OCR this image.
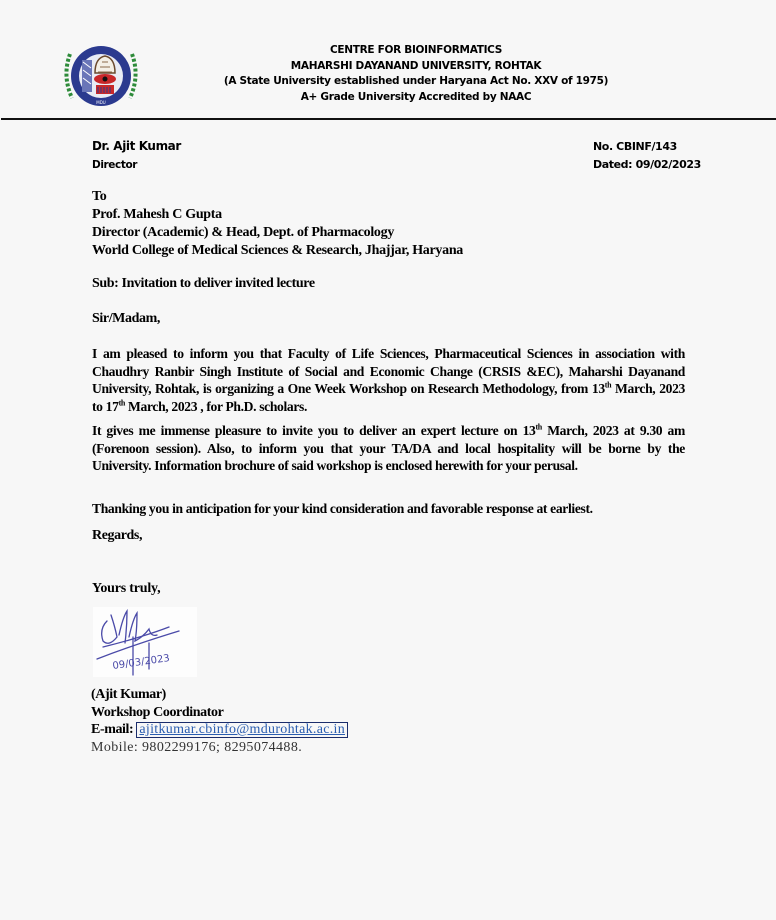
MDU
CENTRE FOR BIOINFORMATICS
MAHARSHI DAYANAND UNIVERSITY, ROHTAK
(A State University established under Haryana Act No. XXV of 1975)
A+ Grade University Accredited by NAAC
Dr. Ajit Kumar
Director
No. CBINF/143
Dated: 09/02/2023
To
Prof. Mahesh C Gupta
Director (Academic) & Head, Dept. of Pharmacology
World College of Medical Sciences & Research, Jhajjar, Haryana
Sub: Invitation to deliver invited lecture
Sir/Madam,
I am pleased to inform you that Faculty of Life Sciences, Pharmaceutical Sciences in association with Chaudhry Ranbir Singh Institute of Social and Economic Change (CRSIS &EC), Maharshi Dayanand University, Rohtak, is organizing a One Week Workshop on Research Methodology, from 13th March, 2023 to 17th March, 2023 , for Ph.D. scholars.
It gives me immense pleasure to invite you to deliver an expert lecture on 13th March, 2023 at 9.30 am (Forenoon session). Also, to inform you that your TA/DA and local hospitality will be borne by the University. Information brochure of said workshop is enclosed herewith for your perusal.
Thanking you in anticipation for your kind consideration and favorable response at earliest.
Regards,
Yours truly,
09/03/2023
(Ajit Kumar)
Workshop Coordinator
E-mail: ajitkumar.cbinfo@mdurohtak.ac.in
Mobile: 9802299176; 8295074488.
